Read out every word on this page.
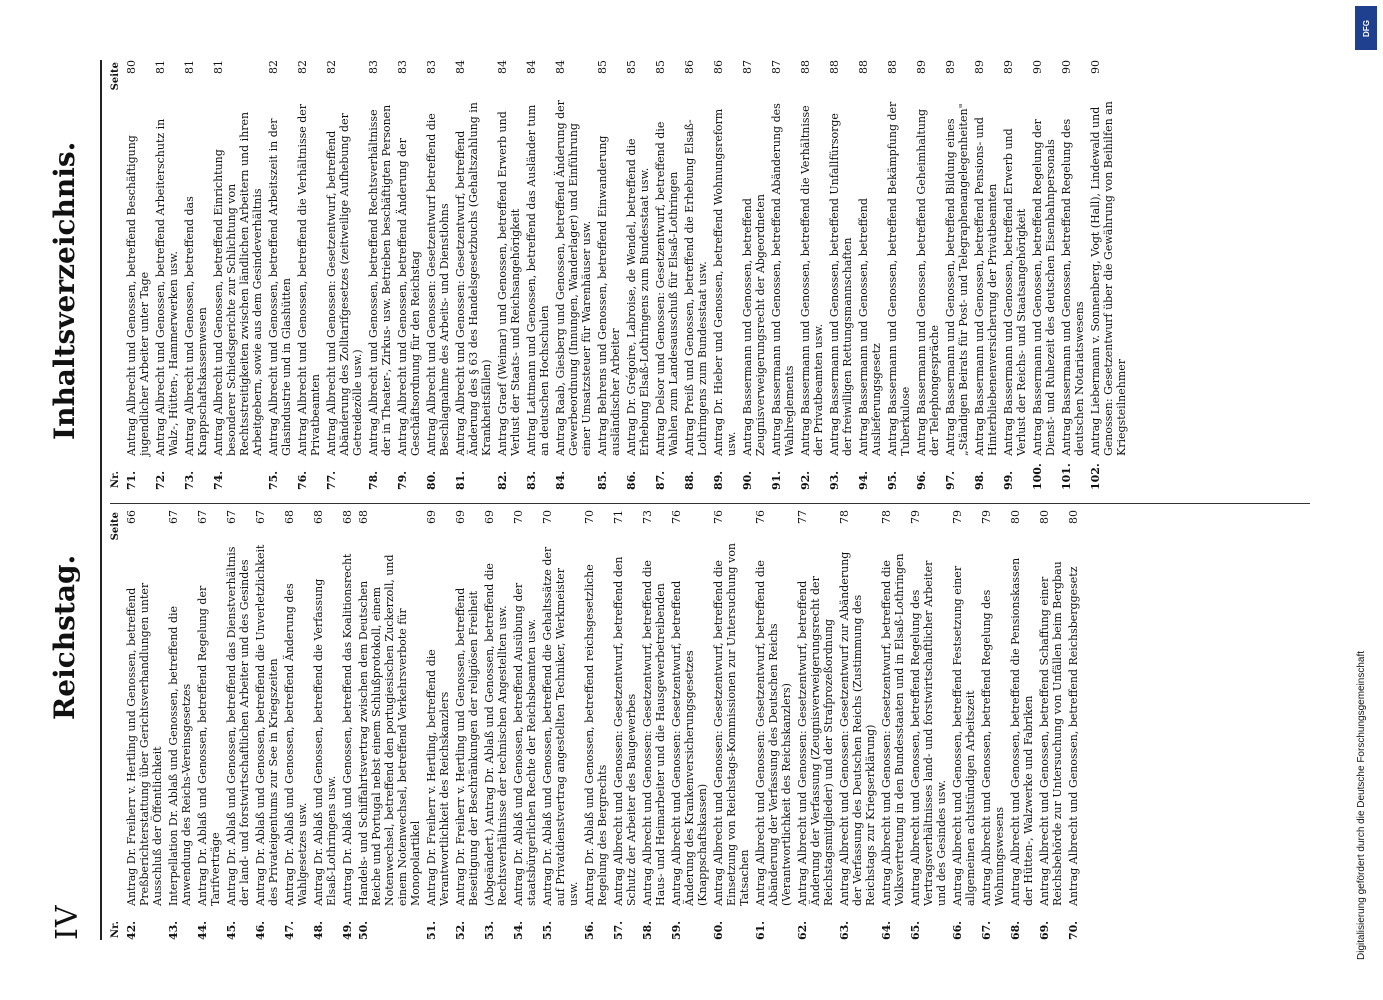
IV
Reichstag.
Inhaltsverzeichnis.
Nr.
Seite
42.
Antrag Dr. Freiherr v. Hertling und Genossen, betreffend Preßberichterstattung über Gerichtsverhandlungen unter Ausschluß der Öffentlichkeit
66
43.
Interpellation Dr. Ablaß und Genossen, betreffend die Anwendung des Reichs-Vereinsgesetzes
67
44.
Antrag Dr. Ablaß und Genossen, betreffend Regelung der Tarifverträge
67
45.
Antrag Dr. Ablaß und Genossen, betreffend das Dienstverhältnis der land- und forstwirtschaftlichen Arbeiter und des Gesindes
67
46.
Antrag Dr. Ablaß und Genossen, betreffend die Unverletzlichkeit des Privateigentums zur See in Kriegszeiten
67
47.
Antrag Dr. Ablaß und Genossen, betreffend Änderung des Wahlgesetzes usw.
68
48.
Antrag Dr. Ablaß und Genossen, betreffend die Verfassung Elsaß-Lothringens usw.
68
49.
Antrag Dr. Ablaß und Genossen, betreffend das Koalitionsrecht
68
50.
Handels- und Schiffahrtsvertrag zwischen dem Deutschen Reiche und Portugal nebst einem Schlußprotokoll, einem Notenwechsel, betreffend den portugiesischen Zuckerzoll, und einem Notenwechsel, betreffend Verkehrsverbote für Monopolartikel
68
51.
Antrag Dr. Freiherr v. Hertling, betreffend die Verantwortlichkeit des Reichskanzlers
69
52.
Antrag Dr. Freiherr v. Hertling und Genossen, betreffend Beseitigung der Beschränkungen der religiösen Freiheit
69
53.
(Abgeändert.) Antrag Dr. Ablaß und Genossen, betreffend die Rechtsverhältnisse der technischen Angestellten usw.
69
54.
Antrag Dr. Ablaß und Genossen, betreffend Ausübung der staatsbürgerlichen Rechte der Reichsbeamten usw.
70
55.
Antrag Dr. Ablaß und Genossen, betreffend die Gehaltssätze der auf Privatdienstvertrag angestellten Techniker, Werkmeister usw.
70
56.
Antrag Dr. Ablaß und Genossen, betreffend reichsgesetzliche Regelung des Bergrechts
70
57.
Antrag Albrecht und Genossen: Gesetzentwurf, betreffend den Schutz der Arbeiter des Baugewerbes
71
58.
Antrag Albrecht und Genossen: Gesetzentwurf, betreffend die Haus- und Heimarbeiter und die Hausgewerbetreibenden
73
59.
Antrag Albrecht und Genossen: Gesetzentwurf, betreffend Änderung des Krankenversicherungsgesetzes (Knappschaftskassen)
76
60.
Antrag Albrecht und Genossen: Gesetzentwurf, betreffend die Einsetzung von Reichstags-Kommissionen zur Untersuchung von Tatsachen
76
61.
Antrag Albrecht und Genossen: Gesetzentwurf, betreffend die Abänderung der Verfassung des Deutschen Reichs (Verantwortlichkeit des Reichskanzlers)
76
62.
Antrag Albrecht und Genossen: Gesetzentwurf, betreffend Änderung der Verfassung (Zeugnisverweigerungsrecht der Reichstagsmitglieder) und der Strafprozeßordnung
77
63.
Antrag Albrecht und Genossen: Gesetzentwurf zur Abänderung der Verfassung des Deutschen Reichs (Zustimmung des Reichstags zur Kriegserklärung)
78
64.
Antrag Albrecht und Genossen: Gesetzentwurf, betreffend die Volksvertretung in den Bundesstaaten und in Elsaß-Lothringen
78
65.
Antrag Albrecht und Genossen, betreffend Regelung des Vertragsverhältnisses land- und forstwirtschaftlicher Arbeiter und des Gesindes usw.
79
66.
Antrag Albrecht und Genossen, betreffend Festsetzung einer allgemeinen achtstündigen Arbeitszeit
79
67.
Antrag Albrecht und Genossen, betreffend Regelung des Wohnungswesens
79
68.
Antrag Albrecht und Genossen, betreffend die Pensionskassen der Hütten-, Walzwerke und Fabriken
80
69.
Antrag Albrecht und Genossen, betreffend Schaffung einer Reichsbehörde zur Untersuchung von Unfällen beim Bergbau
80
70.
Antrag Albrecht und Genossen, betreffend Reichsberggesetz
80
Nr.
Seite
71.
Antrag Albrecht und Genossen, betreffend Beschäftigung jugendlicher Arbeiter unter Tage
80
72.
Antrag Albrecht und Genossen, betreffend Arbeiterschutz in Walz-, Hütten-, Hammerwerken usw.
81
73.
Antrag Albrecht und Genossen, betreffend das Knappschaftskassenwesen
81
74.
Antrag Albrecht und Genossen, betreffend Einrichtung besonderer Schiedsgerichte zur Schlichtung von Rechtsstreitigkeiten zwischen ländlichen Arbeitern und ihren Arbeitgebern, sowie aus dem Gesindeverhältnis
81
75.
Antrag Albrecht und Genossen, betreffend Arbeitszeit in der Glasindustrie und in Glashütten
82
76.
Antrag Albrecht und Genossen, betreffend die Verhältnisse der Privatbeamten
82
77.
Antrag Albrecht und Genossen: Gesetzentwurf, betreffend Abänderung des Zolltarifgesetzes (zeitweilige Aufhebung der Getreidezölle usw.)
82
78.
Antrag Albrecht und Genossen, betreffend Rechtsverhältnisse der in Theater-, Zirkus- usw. Betrieben beschäftigten Personen
83
79.
Antrag Albrecht und Genossen, betreffend Änderung der Geschäftsordnung für den Reichstag
83
80.
Antrag Albrecht und Genossen: Gesetzentwurf betreffend die Beschlagnahme des Arbeits- und Dienstlohns
83
81.
Antrag Albrecht und Genossen: Gesetzentwurf, betreffend Änderung des § 63 des Handelsgesetzbuchs (Gehaltszahlung in Krankheitsfällen)
84
82.
Antrag Graef (Weimar) und Genossen, betreffend Erwerb und Verlust der Staats- und Reichsangehörigkeit
84
83.
Antrag Lattmann und Genossen, betreffend das Ausländer tum an deutschen Hochschulen
84
84.
Antrag Raab, Giesberg und Genossen, betreffend Änderung der Gewerbeordnung (Innungen, Wanderlager) und Einführung einer Umsatzsteuer für Warenhäuser usw.
84
85.
Antrag Behrens und Genossen, betreffend Einwanderung ausländischer Arbeiter
85
86.
Antrag Dr. Grégoire, Labroise, de Wendel, betreffend die Erhebung Elsaß-Lothringens zum Bundesstaat usw.
85
87.
Antrag Delsor und Genossen: Gesetzentwurf, betreffend die Wahlen zum Landesausschuß für Elsaß-Lothringen
85
88.
Antrag Preiß und Genossen, betreffend die Erhebung Elsaß-Lothringens zum Bundesstaat usw.
86
89.
Antrag Dr. Hieber und Genossen, betreffend Wohnungsreform usw.
86
90.
Antrag Bassermann und Genossen, betreffend Zeugnisverweigerungsrecht der Abgeordneten
87
91.
Antrag Bassermann und Genossen, betreffend Abänderung des Wahlreglements
87
92.
Antrag Bassermann und Genossen, betreffend die Verhältnisse der Privatbeamten usw.
88
93.
Antrag Bassermann und Genossen, betreffend Unfallfürsorge der freiwilligen Rettungsmannschaften
88
94.
Antrag Bassermann und Genossen, betreffend Auslieferungsgesetz
88
95.
Antrag Bassermann und Genossen, betreffend Bekämpfung der Tuberkulose
88
96.
Antrag Bassermann und Genossen, betreffend Geheimhaltung der Telephongespräche
89
97.
Antrag Bassermann und Genossen, betreffend Bildung eines „Ständigen Beirats für Post- und Telegraphenangelegenheiten"
89
98.
Antrag Bassermann und Genossen, betreffend Pensions- und Hinterbliebenenversicherung der Privatbeamten
89
99.
Antrag Bassermann und Genossen, betreffend Erwerb und Verlust der Reichs- und Staatsangehörigkeit
89
100.
Antrag Bassermann und Genossen, betreffend Regelung der Dienst- und Ruhezeit des deutschen Eisenbahnpersonals
90
101.
Antrag Bassermann und Genossen, betreffend Regelung des deutschen Notariatswesens
90
102.
Antrag Liebermann v. Sonnenberg, Vogt (Hall), Lindewald und Genossen: Gesetzentwurf über die Gewährung von Beihilfen an Kriegsteilnehmer
90
DFG
Digitalisierung gefördert durch die Deutsche Forschungsgemeinschaft
